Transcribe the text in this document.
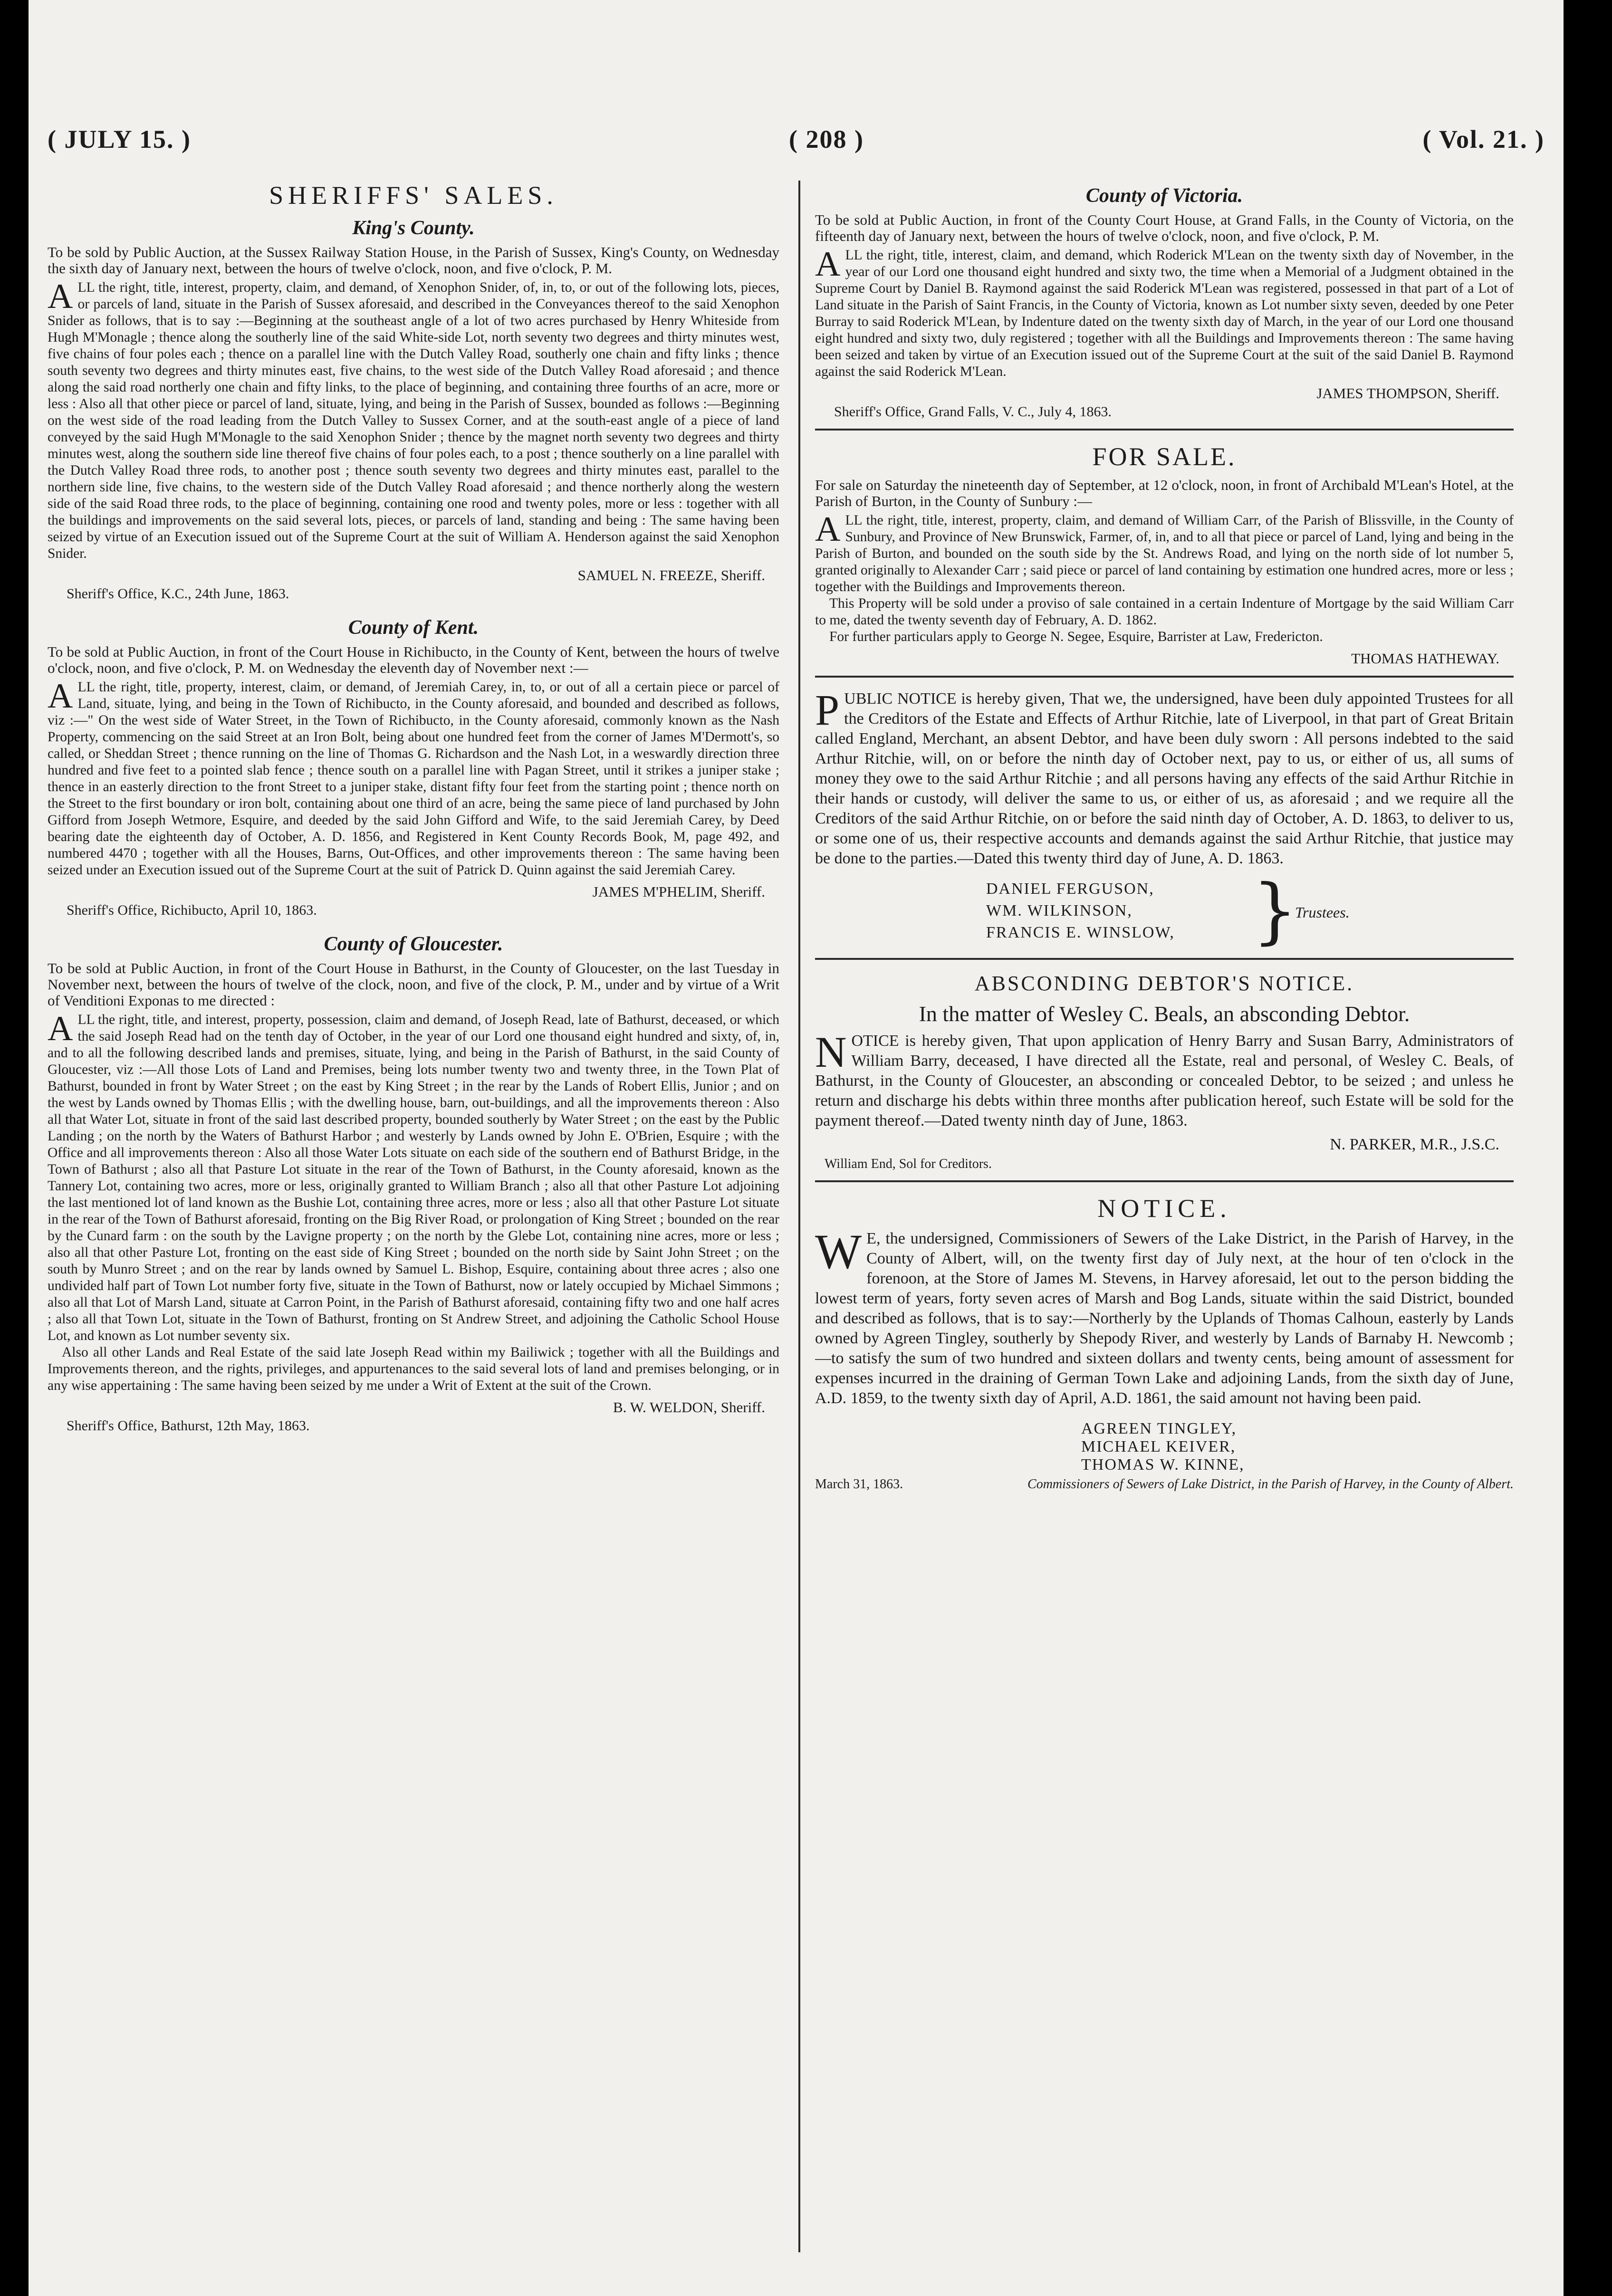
( JULY 15. )	( 208 )	( Vol. 21. )
SHERIFFS' SALES.
King's County.

To be sold by Public Auction, at the Sussex Railway Station House, in the Parish of Sussex, King's County, on Wednesday the sixth day of January next, between the hours of twelve o'clock, noon, and five o'clock, P. M.

ALL the right, title, interest, property, claim, and demand, of Xenophon Snider, of, in, to, or out of the following lots, pieces, or parcels of land, situate in the Parish of Sussex aforesaid, and described in the Conveyances thereof to the said Xenophon Snider as follows, that is to say :—Beginning at the southeast angle of a lot of two acres purchased by Henry Whiteside from Hugh M'Monagle ; thence along the southerly line of the said White-side Lot, north seventy two degrees and thirty minutes west, five chains of four poles each ; thence on a parallel line with the Dutch Valley Road, southerly one chain and fifty links ; thence south seventy two degrees and thirty minutes east, five chains, to the west side of the Dutch Valley Road aforesaid ; and thence along the said road northerly one chain and fifty links, to the place of beginning, and containing three fourths of an acre, more or less : Also all that other piece or parcel of land, situate, lying, and being in the Parish of Sussex, bounded as follows :—Beginning on the west side of the road leading from the Dutch Valley to Sussex Corner, and at the south-east angle of a piece of land conveyed by the said Hugh M'Monagle to the said Xenophon Snider ; thence by the magnet north seventy two degrees and thirty minutes west, along the southern side line thereof five chains of four poles each, to a post ; thence southerly on a line parallel with the Dutch Valley Road three rods, to another post ; thence south seventy two degrees and thirty minutes east, parallel to the northern side line, five chains, to the western side of the Dutch Valley Road aforesaid ; and thence northerly along the western side of the said Road three rods, to the place of beginning, containing one rood and twenty poles, more or less : together with all the buildings and improvements on the said several lots, pieces, or parcels of land, standing and being : The same having been seized by virtue of an Execution issued out of the Supreme Court at the suit of William A. Henderson against the said Xenophon Snider.

SAMUEL N. FREEZE, Sheriff.
Sheriff's Office, K.C., 24th June, 1863.
County of Kent.

To be sold at Public Auction, in front of the Court House in Richibucto, in the County of Kent, between the hours of twelve o'clock, noon, and five o'clock, P. M. on Wednesday the eleventh day of November next :—

ALL the right, title, property, interest, claim, or demand, of Jeremiah Carey, in, to, or out of all a certain piece or parcel of Land, situate, lying, and being in the Town of Richibucto, in the County aforesaid, and bounded and described as follows, viz :—" On the west side of Water Street, in the Town of Richibucto, in the County aforesaid, commonly known as the Nash Property, commencing on the said Street at an Iron Bolt, being about one hundred feet from the corner of James M'Dermott's, so called, or Sheddan Street ; thence running on the line of Thomas G. Richardson and the Nash Lot, in a weswardly direction three hundred and five feet to a pointed slab fence ; thence south on a parallel line with Pagan Street, until it strikes a juniper stake ; thence in an easterly direction to the front Street to a juniper stake, distant fifty four feet from the starting point ; thence north on the Street to the first boundary or iron bolt, containing about one third of an acre, being the same piece of land purchased by John Gifford from Joseph Wetmore, Esquire, and deeded by the said John Gifford and Wife, to the said Jeremiah Carey, by Deed bearing date the eighteenth day of October, A. D. 1856, and Registered in Kent County Records Book, M, page 492, and numbered 4470 ; together with all the Houses, Barns, Out-Offices, and other improvements thereon : The same having been seized under an Execution issued out of the Supreme Court at the suit of Patrick D. Quinn against the said Jeremiah Carey.

JAMES M'PHELIM, Sheriff.
Sheriff's Office, Richibucto, April 10, 1863.
County of Gloucester.

To be sold at Public Auction, in front of the Court House in Bathurst, in the County of Gloucester, on the last Tuesday in November next, between the hours of twelve of the clock, noon, and five of the clock, P. M., under and by virtue of a Writ of Venditioni Exponas to me directed :

ALL the right, title, and interest, property, possession, claim and demand, of Joseph Read, late of Bathurst, deceased, or which the said Joseph Read had on the tenth day of October, in the year of our Lord one thousand eight hundred and sixty, of, in, and to all the following described lands and premises, situate, lying, and being in the Parish of Bathurst, in the said County of Gloucester, viz :—All those Lots of Land and Premises, being lots number twenty two and twenty three, in the Town Plat of Bathurst, bounded in front by Water Street ; on the east by King Street ; in the rear by the Lands of Robert Ellis, Junior ; and on the west by Lands owned by Thomas Ellis ; with the dwelling house, barn, out-buildings, and all the improvements thereon : Also all that Water Lot, situate in front of the said last described property, bounded southerly by Water Street ; on the east by the Public Landing ; on the north by the Waters of Bathurst Harbor ; and westerly by Lands owned by John E. O'Brien, Esquire ; with the Office and all improvements thereon : Also all those Water Lots situate on each side of the southern end of Bathurst Bridge, in the Town of Bathurst ; also all that Pasture Lot situate in the rear of the Town of Bathurst, in the County aforesaid, known as the Tannery Lot, containing two acres, more or less, originally granted to William Branch ; also all that other Pasture Lot adjoining the last mentioned lot of land known as the Bushie Lot, containing three acres, more or less ; also all that other Pasture Lot situate in the rear of the Town of Bathurst aforesaid, fronting on the Big River Road, or prolongation of King Street ; bounded on the rear by the Cunard farm : on the south by the Lavigne property ; on the north by the Glebe Lot, containing nine acres, more or less ; also all that other Pasture Lot, fronting on the east side of King Street ; bounded on the north side by Saint John Street ; on the south by Munro Street ; and on the rear by lands owned by Samuel L. Bishop, Esquire, containing about three acres ; also one undivided half part of Town Lot number forty five, situate in the Town of Bathurst, now or lately occupied by Michael Simmons ; also all that Lot of Marsh Land, situate at Carron Point, in the Parish of Bathurst aforesaid, containing fifty two and one half acres ; also all that Town Lot, situate in the Town of Bathurst, fronting on St Andrew Street, and adjoining the Catholic School House Lot, and known as Lot number seventy six.

Also all other Lands and Real Estate of the said late Joseph Read within my Bailiwick ; together with all the Buildings and Improvements thereon, and the rights, privileges, and appurtenances to the said several lots of land and premises belonging, or in any wise appertaining : The same having been seized by me under a Writ of Extent at the suit of the Crown.

B. W. WELDON, Sheriff.
Sheriff's Office, Bathurst, 12th May, 1863.
County of Victoria.

To be sold at Public Auction, in front of the County Court House, at Grand Falls, in the County of Victoria, on the fifteenth day of January next, between the hours of twelve o'clock, noon, and five o'clock, P. M.

ALL the right, title, interest, claim, and demand, which Roderick M'Lean on the twenty sixth day of November, in the year of our Lord one thousand eight hundred and sixty two, the time when a Memorial of a Judgment obtained in the Supreme Court by Daniel B. Raymond against the said Roderick M'Lean was registered, possessed in that part of a Lot of Land situate in the Parish of Saint Francis, in the County of Victoria, known as Lot number sixty seven, deeded by one Peter Burray to said Roderick M'Lean, by Indenture dated on the twenty sixth day of March, in the year of our Lord one thousand eight hundred and sixty two, duly registered ; together with all the Buildings and Improvements thereon : The same having been seized and taken by virtue of an Execution issued out of the Supreme Court at the suit of the said Daniel B. Raymond against the said Roderick M'Lean.

JAMES THOMPSON, Sheriff.
Sheriff's Office, Grand Falls, V. C., July 4, 1863.
FOR SALE.

For sale on Saturday the nineteenth day of September, at 12 o'clock, noon, in front of Archibald M'Lean's Hotel, at the Parish of Burton, in the County of Sunbury :—

ALL the right, title, interest, property, claim, and demand of William Carr, of the Parish of Blissville, in the County of Sunbury, and Province of New Brunswick, Farmer, of, in, and to all that piece or parcel of Land, lying and being in the Parish of Burton, and bounded on the south side by the St. Andrews Road, and lying on the north side of lot number 5, granted originally to Alexander Carr ; said piece or parcel of land containing by estimation one hundred acres, more or less ; together with the Buildings and Improvements thereon.

This Property will be sold under a proviso of sale contained in a certain Indenture of Mortgage by the said William Carr to me, dated the twenty seventh day of February, A. D. 1862.

For further particulars apply to George N. Segee, Esquire, Barrister at Law, Fredericton.

THOMAS HATHEWAY.

PUBLIC NOTICE is hereby given, That we, the undersigned, have been duly appointed Trustees for all the Creditors of the Estate and Effects of Arthur Ritchie, late of Liverpool, in that part of Great Britain called England, Merchant, an absent Debtor, and have been duly sworn : All persons indebted to the said Arthur Ritchie, will, on or before the ninth day of October next, pay to us, or either of us, all sums of money they owe to the said Arthur Ritchie ; and all persons having any effects of the said Arthur Ritchie in their hands or custody, will deliver the same to us, or either of us, as aforesaid ; and we require all the Creditors of the said Arthur Ritchie, on or before the said ninth day of October, A. D. 1863, to deliver to us, or some one of us, their respective accounts and demands against the said Arthur Ritchie, that justice may be done to the parties.—Dated this twenty third day of June, A. D. 1863.

DANIEL FERGUSON,
WM. WILKINSON,
FRANCIS E. WINSLOW,	}
Trustees.
ABSCONDING DEBTOR'S NOTICE.
In the matter of Wesley C. Beals, an absconding Debtor.

NOTICE is hereby given, That upon application of Henry Barry and Susan Barry, Administrators of William Barry, deceased, I have directed all the Estate, real and personal, of Wesley C. Beals, of Bathurst, in the County of Gloucester, an absconding or concealed Debtor, to be seized ; and unless he return and discharge his debts within three months after publication hereof, such Estate will be sold for the payment thereof.—Dated twenty ninth day of June, 1863.

N. PARKER, M.R., J.S.C.
William End, Sol for Creditors.
NOTICE.

W E, the undersigned, Commissioners of Sewers of the Lake District, in the Parish of Harvey, in the County of Albert, will, on the twenty first day of July next, at the hour of ten o'clock in the forenoon, at the Store of James M. Stevens, in Harvey aforesaid, let out to the person bidding the lowest term of years, forty seven acres of Marsh and Bog Lands, situate within the said District, bounded and described as follows, that is to say:—Northerly by the Uplands of Thomas Calhoun, easterly by Lands owned by Agreen Tingley, southerly by Shepody River, and westerly by Lands of Barnaby H. Newcomb ;—to satisfy the sum of two hundred and sixteen dollars and twenty cents, being amount of assessment for expenses incurred in the draining of German Town Lake and adjoining Lands, from the sixth day of June, A.D. 1859, to the twenty sixth day of April, A.D. 1861, the said amount not having been paid.

AGREEN TINGLEY,
MICHAEL KEIVER,
THOMAS W. KINNE,
March 31, 1863.	Commissioners of Sewers of Lake District, in the Parish of Harvey, in the County of Albert.
